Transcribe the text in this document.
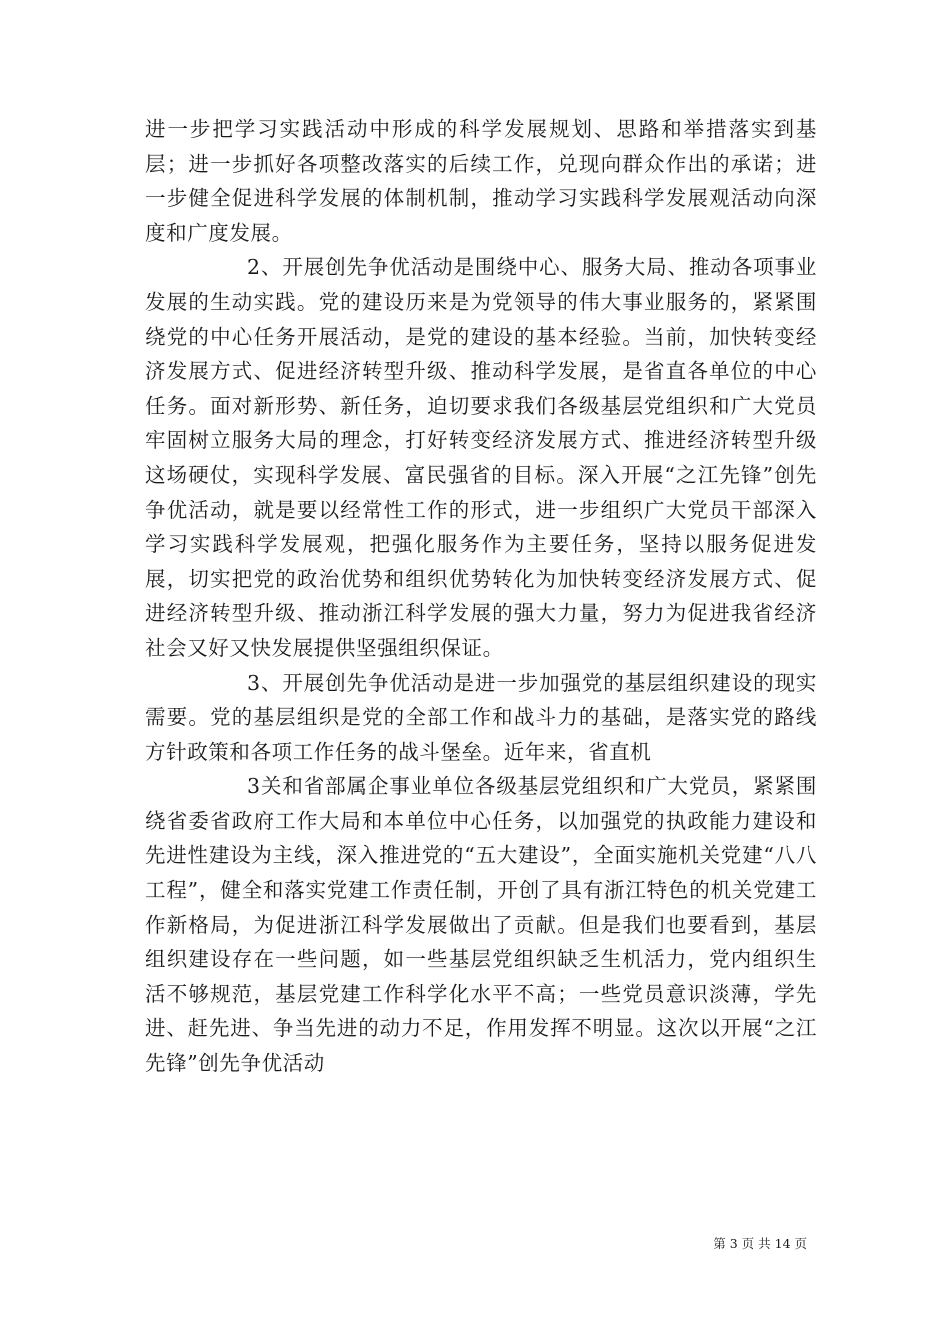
进一步把学习实践活动中形成的科学发展规划、思路和举措落实到基层；进一步抓好各项整改落实的后续工作，兑现向群众作出的承诺；进一步健全促进科学发展的体制机制，推动学习实践科学发展观活动向深度和广度发展。

2、开展创先争优活动是围绕中心、服务大局、推动各项事业发展的生动实践。党的建设历来是为党领导的伟大事业服务的，紧紧围绕党的中心任务开展活动，是党的建设的基本经验。当前，加快转变经济发展方式、促进经济转型升级、推动科学发展，是省直各单位的中心任务。面对新形势、新任务，迫切要求我们各级基层党组织和广大党员牢固树立服务大局的理念，打好转变经济发展方式、推进经济转型升级这场硬仗，实现科学发展、富民强省的目标。深入开展“之江先锋”创先争优活动，就是要以经常性工作的形式，进一步组织广大党员干部深入学习实践科学发展观，把强化服务作为主要任务，坚持以服务促进发展，切实把党的政治优势和组织优势转化为加快转变经济发展方式、促进经济转型升级、推动浙江科学发展的强大力量，努力为促进我省经济社会又好又快发展提供坚强组织保证。

3、开展创先争优活动是进一步加强党的基层组织建设的现实需要。党的基层组织是党的全部工作和战斗力的基础，是落实党的路线方针政策和各项工作任务的战斗堡垒。近年来，省直机

3关和省部属企事业单位各级基层党组织和广大党员，紧紧围绕省委省政府工作大局和本单位中心任务，以加强党的执政能力建设和先进性建设为主线，深入推进党的“五大建设”，全面实施机关党建“八八工程”，健全和落实党建工作责任制，开创了具有浙江特色的机关党建工作新格局，为促进浙江科学发展做出了贡献。但是我们也要看到，基层组织建设存在一些问题，如一些基层党组织缺乏生机活力，党内组织生活不够规范，基层党建工作科学化水平不高；一些党员意识淡薄，学先进、赶先进、争当先进的动力不足，作用发挥不明显。这次以开展“之江先锋”创先争优活动

第 3 页 共 14 页
